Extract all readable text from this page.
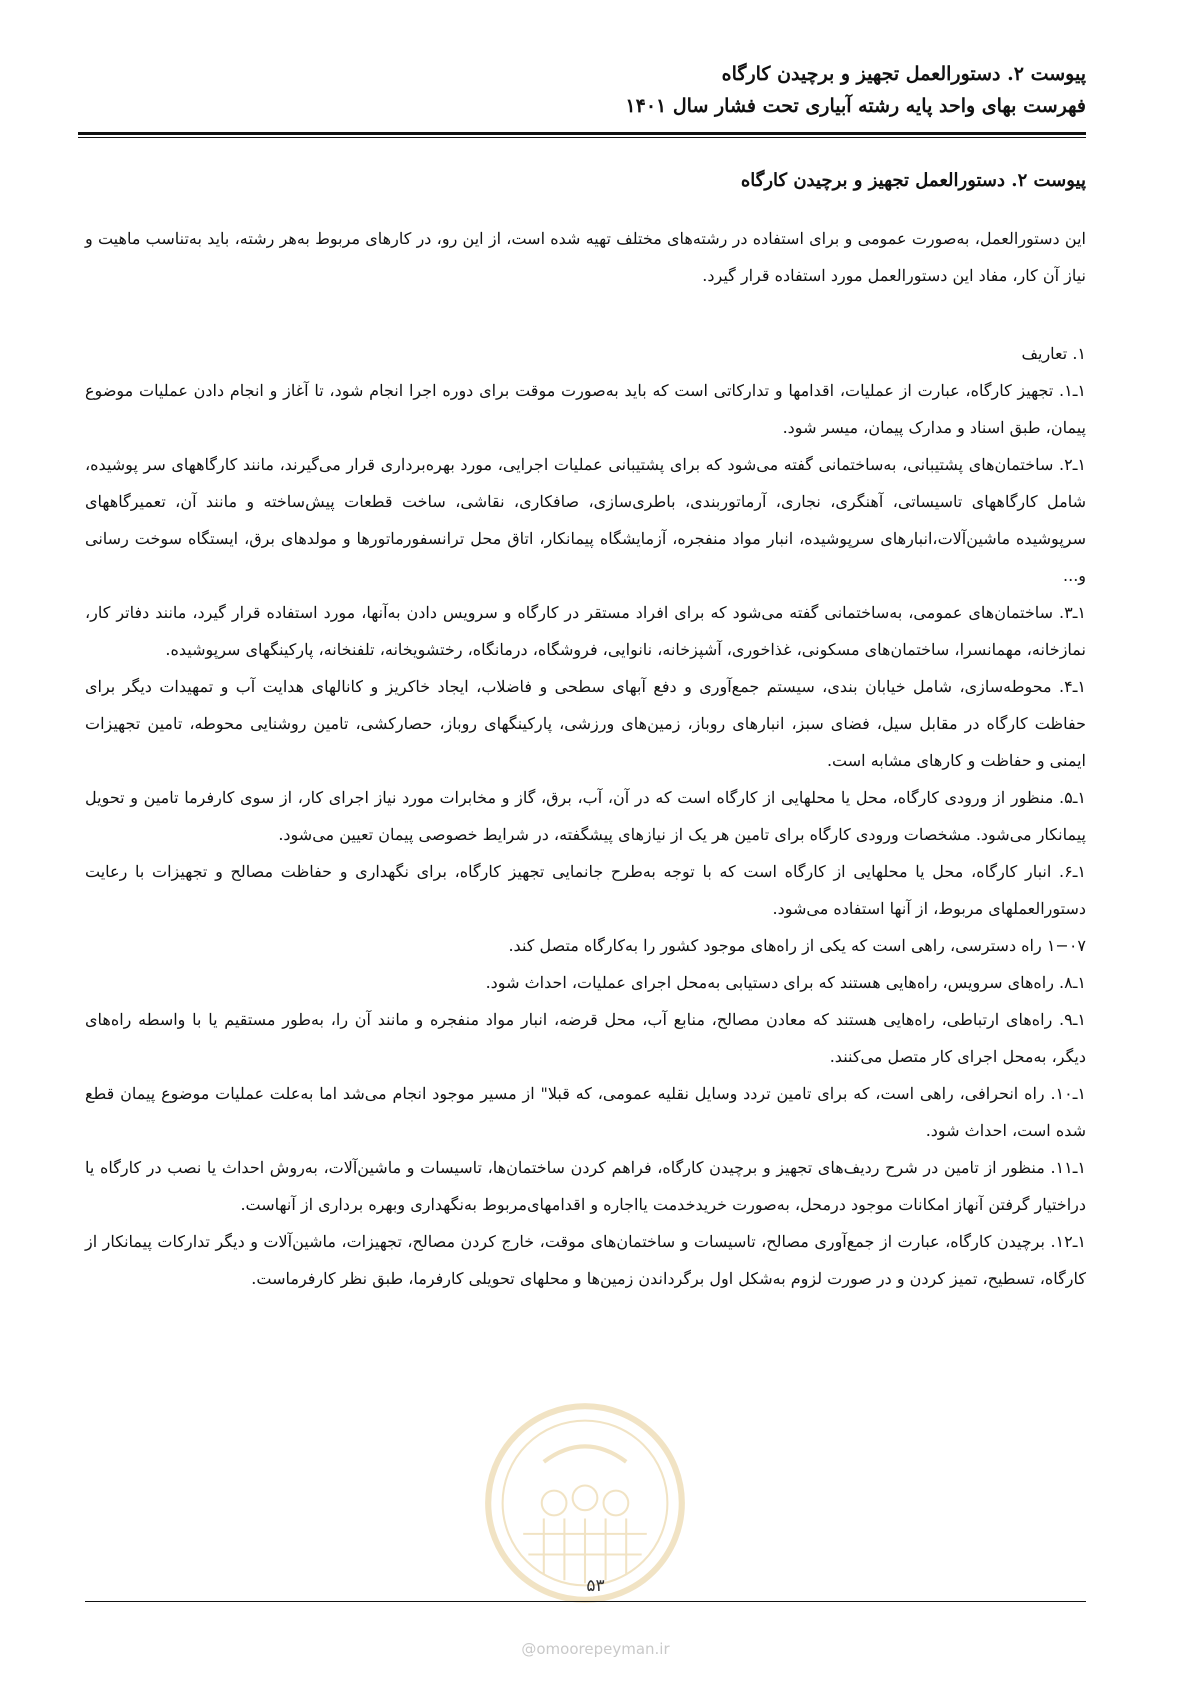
پیوست ۲. دستورالعمل تجهیز و برچیدن کارگاه
فهرست بهای واحد پایه رشته آبیاری تحت فشار سال ۱۴۰۱
پیوست ۲. دستورالعمل تجهیز و برچیدن کارگاه

این دستورالعمل، به‌صورت عمومی و برای استفاده در رشته‌های مختلف تهیه شده است، از این رو، در کارهای مربوط به‌هر رشته، باید به‌تناسب ماهیت و نیاز آن کار، مفاد این دستورالعمل مورد استفاده قرار گیرد.

۱. تعاریف

۱ـ۱. تجهیز کارگاه، عبارت از عملیات، اقدامها و تدارکاتی است که باید به‌صورت موقت برای دوره اجرا انجام شود، تا آغاز و انجام دادن عملیات موضوع پیمان، طبق اسناد و مدارک پیمان، میسر شود.

۱ـ۲. ساختمان‌های پشتیبانی، به‌ساختمانی گفته می‌شود که برای پشتیبانی عملیات اجرایی، مورد بهره‌برداری قرار می‌گیرند، مانند کارگاههای سر پوشیده، شامل کارگاههای تاسیساتی، آهنگری، نجاری، آرماتوربندی، باطری‌سازی، صافکاری، نقاشی، ساخت قطعات پیش‌ساخته و مانند آن، تعمیرگاههای سرپوشیده ماشین‌آلات،انبارهای سرپوشیده، انبار مواد منفجره، آزمایشگاه پیمانکار، اتاق محل ترانسفورماتورها و مولدهای برق، ایستگاه سوخت رسانی و...

۱ـ۳. ساختمان‌های عمومی، به‌ساختمانی گفته می‌شود که برای افراد مستقر در کارگاه و سرویس دادن به‌آنها، مورد استفاده قرار گیرد، مانند دفاتر کار، نمازخانه، مهمانسرا، ساختمان‌های مسکونی، غذاخوری، آشپزخانه، نانوایی، فروشگاه، درمانگاه، رختشویخانه، تلفنخانه، پارکینگهای سرپوشیده.

۱ـ۴. محوطه‌سازی، شامل خیابان بندی، سیستم جمع‌آوری و دفع آبهای سطحی و فاضلاب، ایجاد خاکریز و کانالهای هدایت آب و تمهیدات دیگر برای حفاظت کارگاه در مقابل سیل، فضای سبز، انبارهای روباز، زمین‌های ورزشی، پارکینگهای روباز، حصارکشی، تامین روشنایی محوطه، تامین تجهیزات ایمنی و حفاظت و کارهای مشابه است.

۱ـ۵. منظور از ورودی کارگاه، محل یا محلهایی از کارگاه است که در آن، آب، برق، گاز و مخابرات مورد نیاز اجرای کار، از سوی کارفرما تامین و تحویل پیمانکار می‌شود. مشخصات ورودی کارگاه برای تامین هر یک از نیازهای پیشگفته، در شرایط خصوصی پیمان تعیین می‌شود.

۱ـ۶. انبار کارگاه، محل یا محلهایی از کارگاه است که با توجه به‌طرح جانمایی تجهیز کارگاه، برای نگهداری و حفاظت مصالح و تجهیزات با رعایت دستورالعملهای مربوط، از آنها استفاده می‌شود.

۱−۰۷ راه دسترسی، راهی است که یکی از راه‌های موجود کشور را به‌کارگاه متصل کند.

۱ـ۸. راه‌های سرویس، راه‌هایی هستند که برای دستیابی به‌محل اجرای عملیات، احداث شود.

۱ـ۹. راه‌های ارتباطی، راه‌هایی هستند که معادن مصالح، منابع آب، محل قرضه، انبار مواد منفجره و مانند آن را، به‌طور مستقیم یا با واسطه راه‌های دیگر، به‌محل اجرای کار متصل می‌کنند.

۱ـ۱۰. راه انحرافی، راهی است، که برای تامین تردد وسایل نقلیه عمومی، که قبلا" از مسیر موجود انجام می‌شد اما به‌علت عملیات موضوع پیمان قطع شده است، احداث شود.

۱ـ۱۱. منظور از تامین در شرح ردیف‌های تجهیز و برچیدن کارگاه، فراهم کردن ساختمان‌ها، تاسیسات و ماشین‌آلات، به‌روش احداث یا نصب در کارگاه یا دراختیار گرفتن آنهاز امکانات موجود درمحل، به‌صورت خریدخدمت یااجاره و اقدامهای‌مربوط به‌نگهداری وبهره برداری از آنهاست.

۱ـ۱۲. برچیدن کارگاه، عبارت از جمع‌آوری مصالح، تاسیسات و ساختمان‌های موقت، خارج کردن مصالح، تجهیزات، ماشین‌آلات و دیگر تدارکات پیمانکار از کارگاه، تسطیح، تمیز کردن و در صورت لزوم به‌شکل اول برگرداندن زمین‌ها و محلهای تحویلی کارفرما، طبق نظر کارفرماست.

۵۳
@omoorepeyman.ir
